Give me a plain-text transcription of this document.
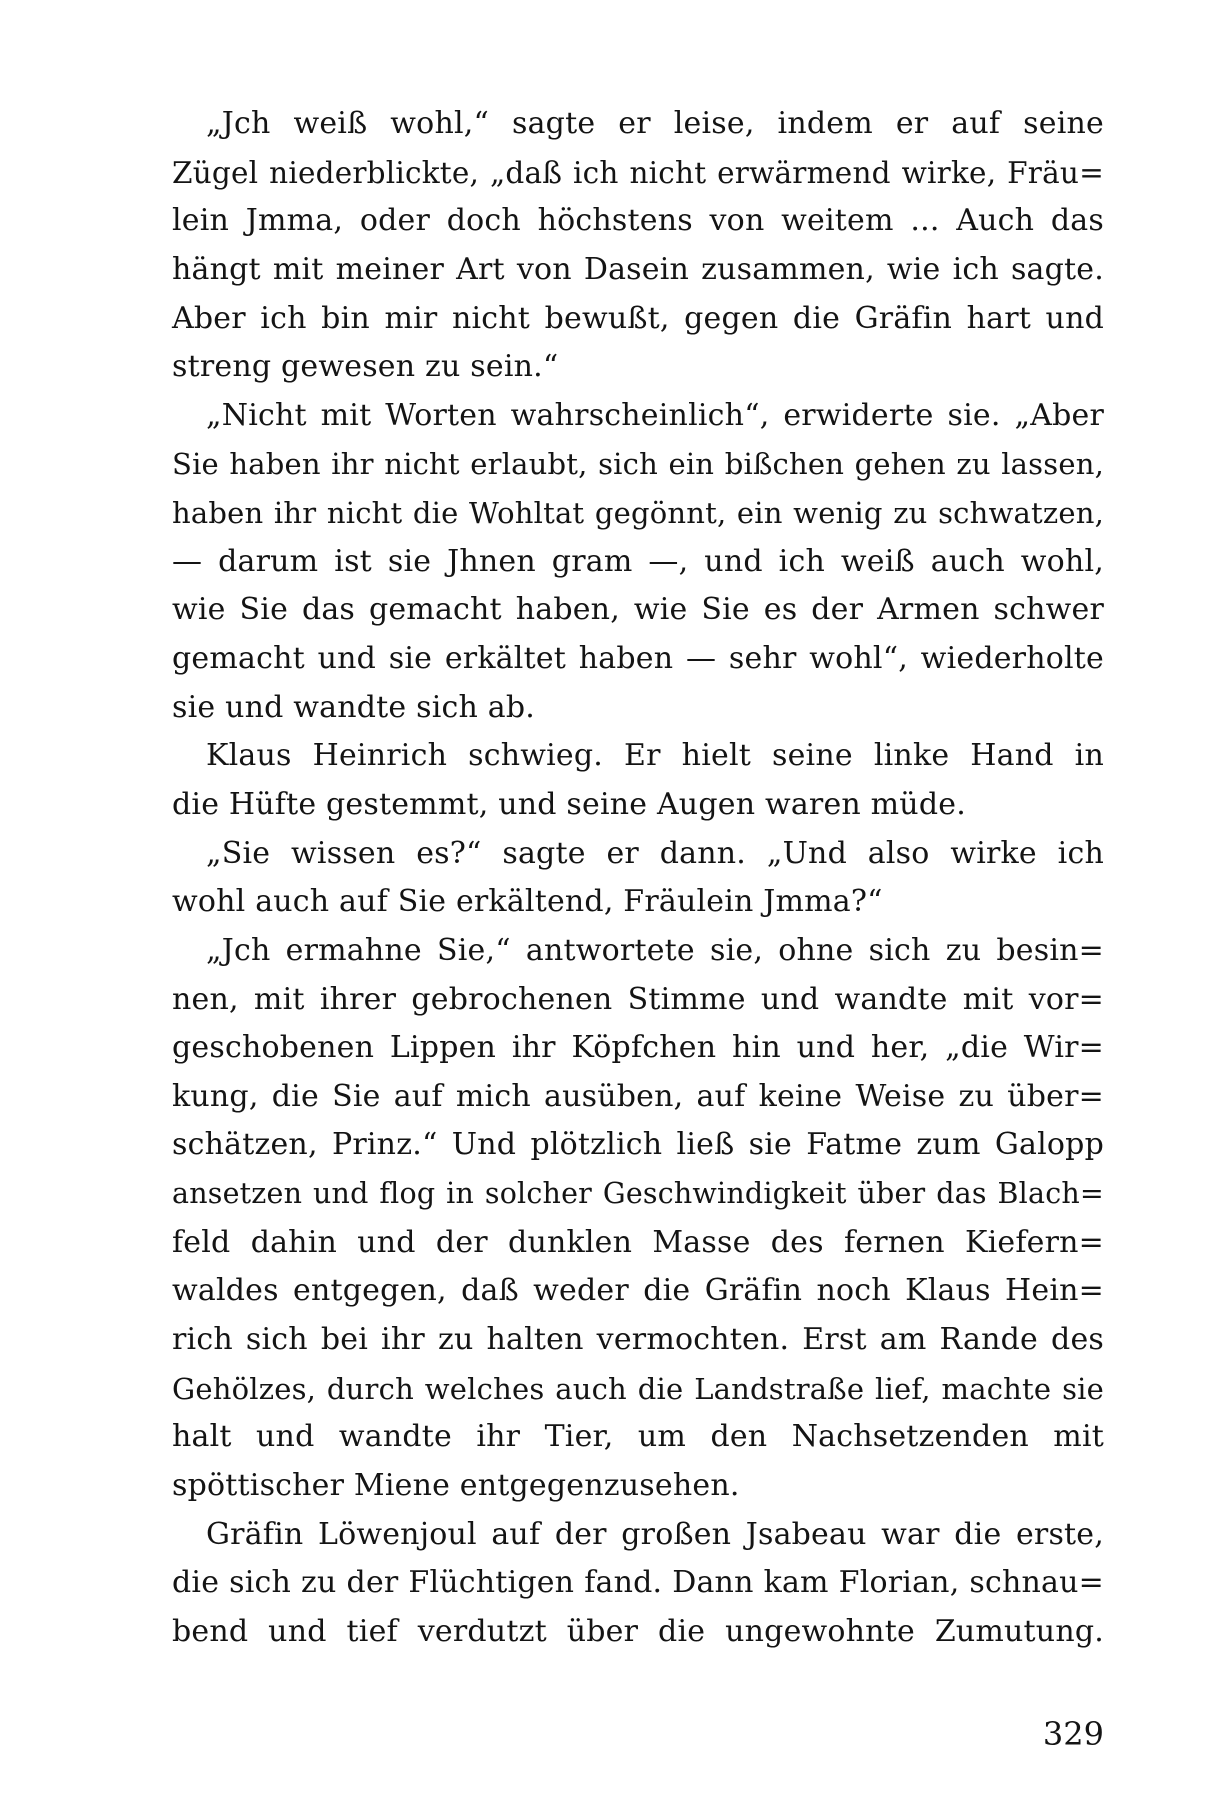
„Jch weiß wohl,“ sagte er leise, indem er auf seine
Zügel niederblickte, „daß ich nicht erwärmend wirke, Fräu=
lein Jmma, oder doch höchstens von weitem ... Auch das
hängt mit meiner Art von Dasein zusammen, wie ich sagte.
Aber ich bin mir nicht bewußt, gegen die Gräfin hart und
streng gewesen zu sein.“
„Nicht mit Worten wahrscheinlich“, erwiderte sie. „Aber
Sie haben ihr nicht erlaubt, sich ein bißchen gehen zu lassen,
haben ihr nicht die Wohltat gegönnt, ein wenig zu schwatzen,
— darum ist sie Jhnen gram —, und ich weiß auch wohl,
wie Sie das gemacht haben, wie Sie es der Armen schwer
gemacht und sie erkältet haben — sehr wohl“, wiederholte
sie und wandte sich ab.
Klaus Heinrich schwieg. Er hielt seine linke Hand in
die Hüfte gestemmt, und seine Augen waren müde.
„Sie wissen es?“ sagte er dann. „Und also wirke ich
wohl auch auf Sie erkältend, Fräulein Jmma?“
„Jch ermahne Sie,“ antwortete sie, ohne sich zu besin=
nen, mit ihrer gebrochenen Stimme und wandte mit vor=
geschobenen Lippen ihr Köpfchen hin und her, „die Wir=
kung, die Sie auf mich ausüben, auf keine Weise zu über=
schätzen, Prinz.“ Und plötzlich ließ sie Fatme zum Galopp
ansetzen und flog in solcher Geschwindigkeit über das Blach=
feld dahin und der dunklen Masse des fernen Kiefern=
waldes entgegen, daß weder die Gräfin noch Klaus Hein=
rich sich bei ihr zu halten vermochten. Erst am Rande des
Gehölzes, durch welches auch die Landstraße lief, machte sie
halt und wandte ihr Tier, um den Nachsetzenden mit
spöttischer Miene entgegenzusehen.
Gräfin Löwenjoul auf der großen Jsabeau war die erste,
die sich zu der Flüchtigen fand. Dann kam Florian, schnau=
bend und tief verdutzt über die ungewohnte Zumutung.
329
